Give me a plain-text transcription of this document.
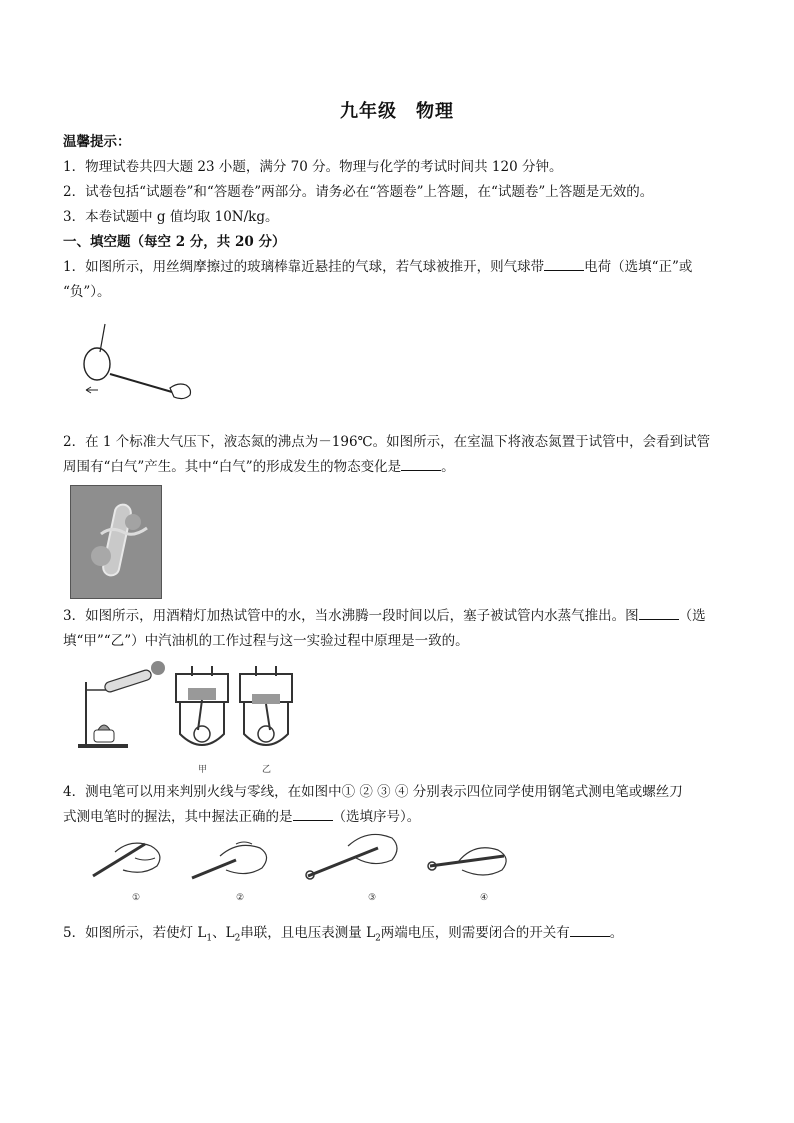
九年级　物理
温馨提示：
1．物理试卷共四大题 23 小题，满分 70 分。物理与化学的考试时间共 120 分钟。
2．试卷包括“试题卷”和“答题卷”两部分。请务必在“答题卷”上答题，在“试题卷”上答题是无效的。
3．本卷试题中 g 值均取 10N/kg。
一、填空题（每空 2 分，共 20 分）
1．如图所示，用丝绸摩擦过的玻璃棒靠近悬挂的气球，若气球被推开，则气球带	电荷（选填“正”或
“负”）。
2．在 1 个标准大气压下，液态氮的沸点为－196℃。如图所示，在室温下将液态氮置于试管中，会看到试管
周围有“白气”产生。其中“白气”的形成发生的物态变化是	。
3．如图所示，用酒精灯加热试管中的水，当水沸腾一段时间以后，塞子被试管内水蒸气推出。图	（选
填“甲”“乙”）中汽油机的工作过程与这一实验过程中原理是一致的。
甲	乙
4．测电笔可以用来判别火线与零线，在如图中① ② ③ ④ 分别表示四位同学使用钢笔式测电笔或螺丝刀
式测电笔时的握法，其中握法正确的是	（选填序号）。
①	②	③	④
5．如图所示，若使灯 $L_1$、$L_2$串联，且电压表测量 $L_2$两端电压，则需要闭合的开关有	。
